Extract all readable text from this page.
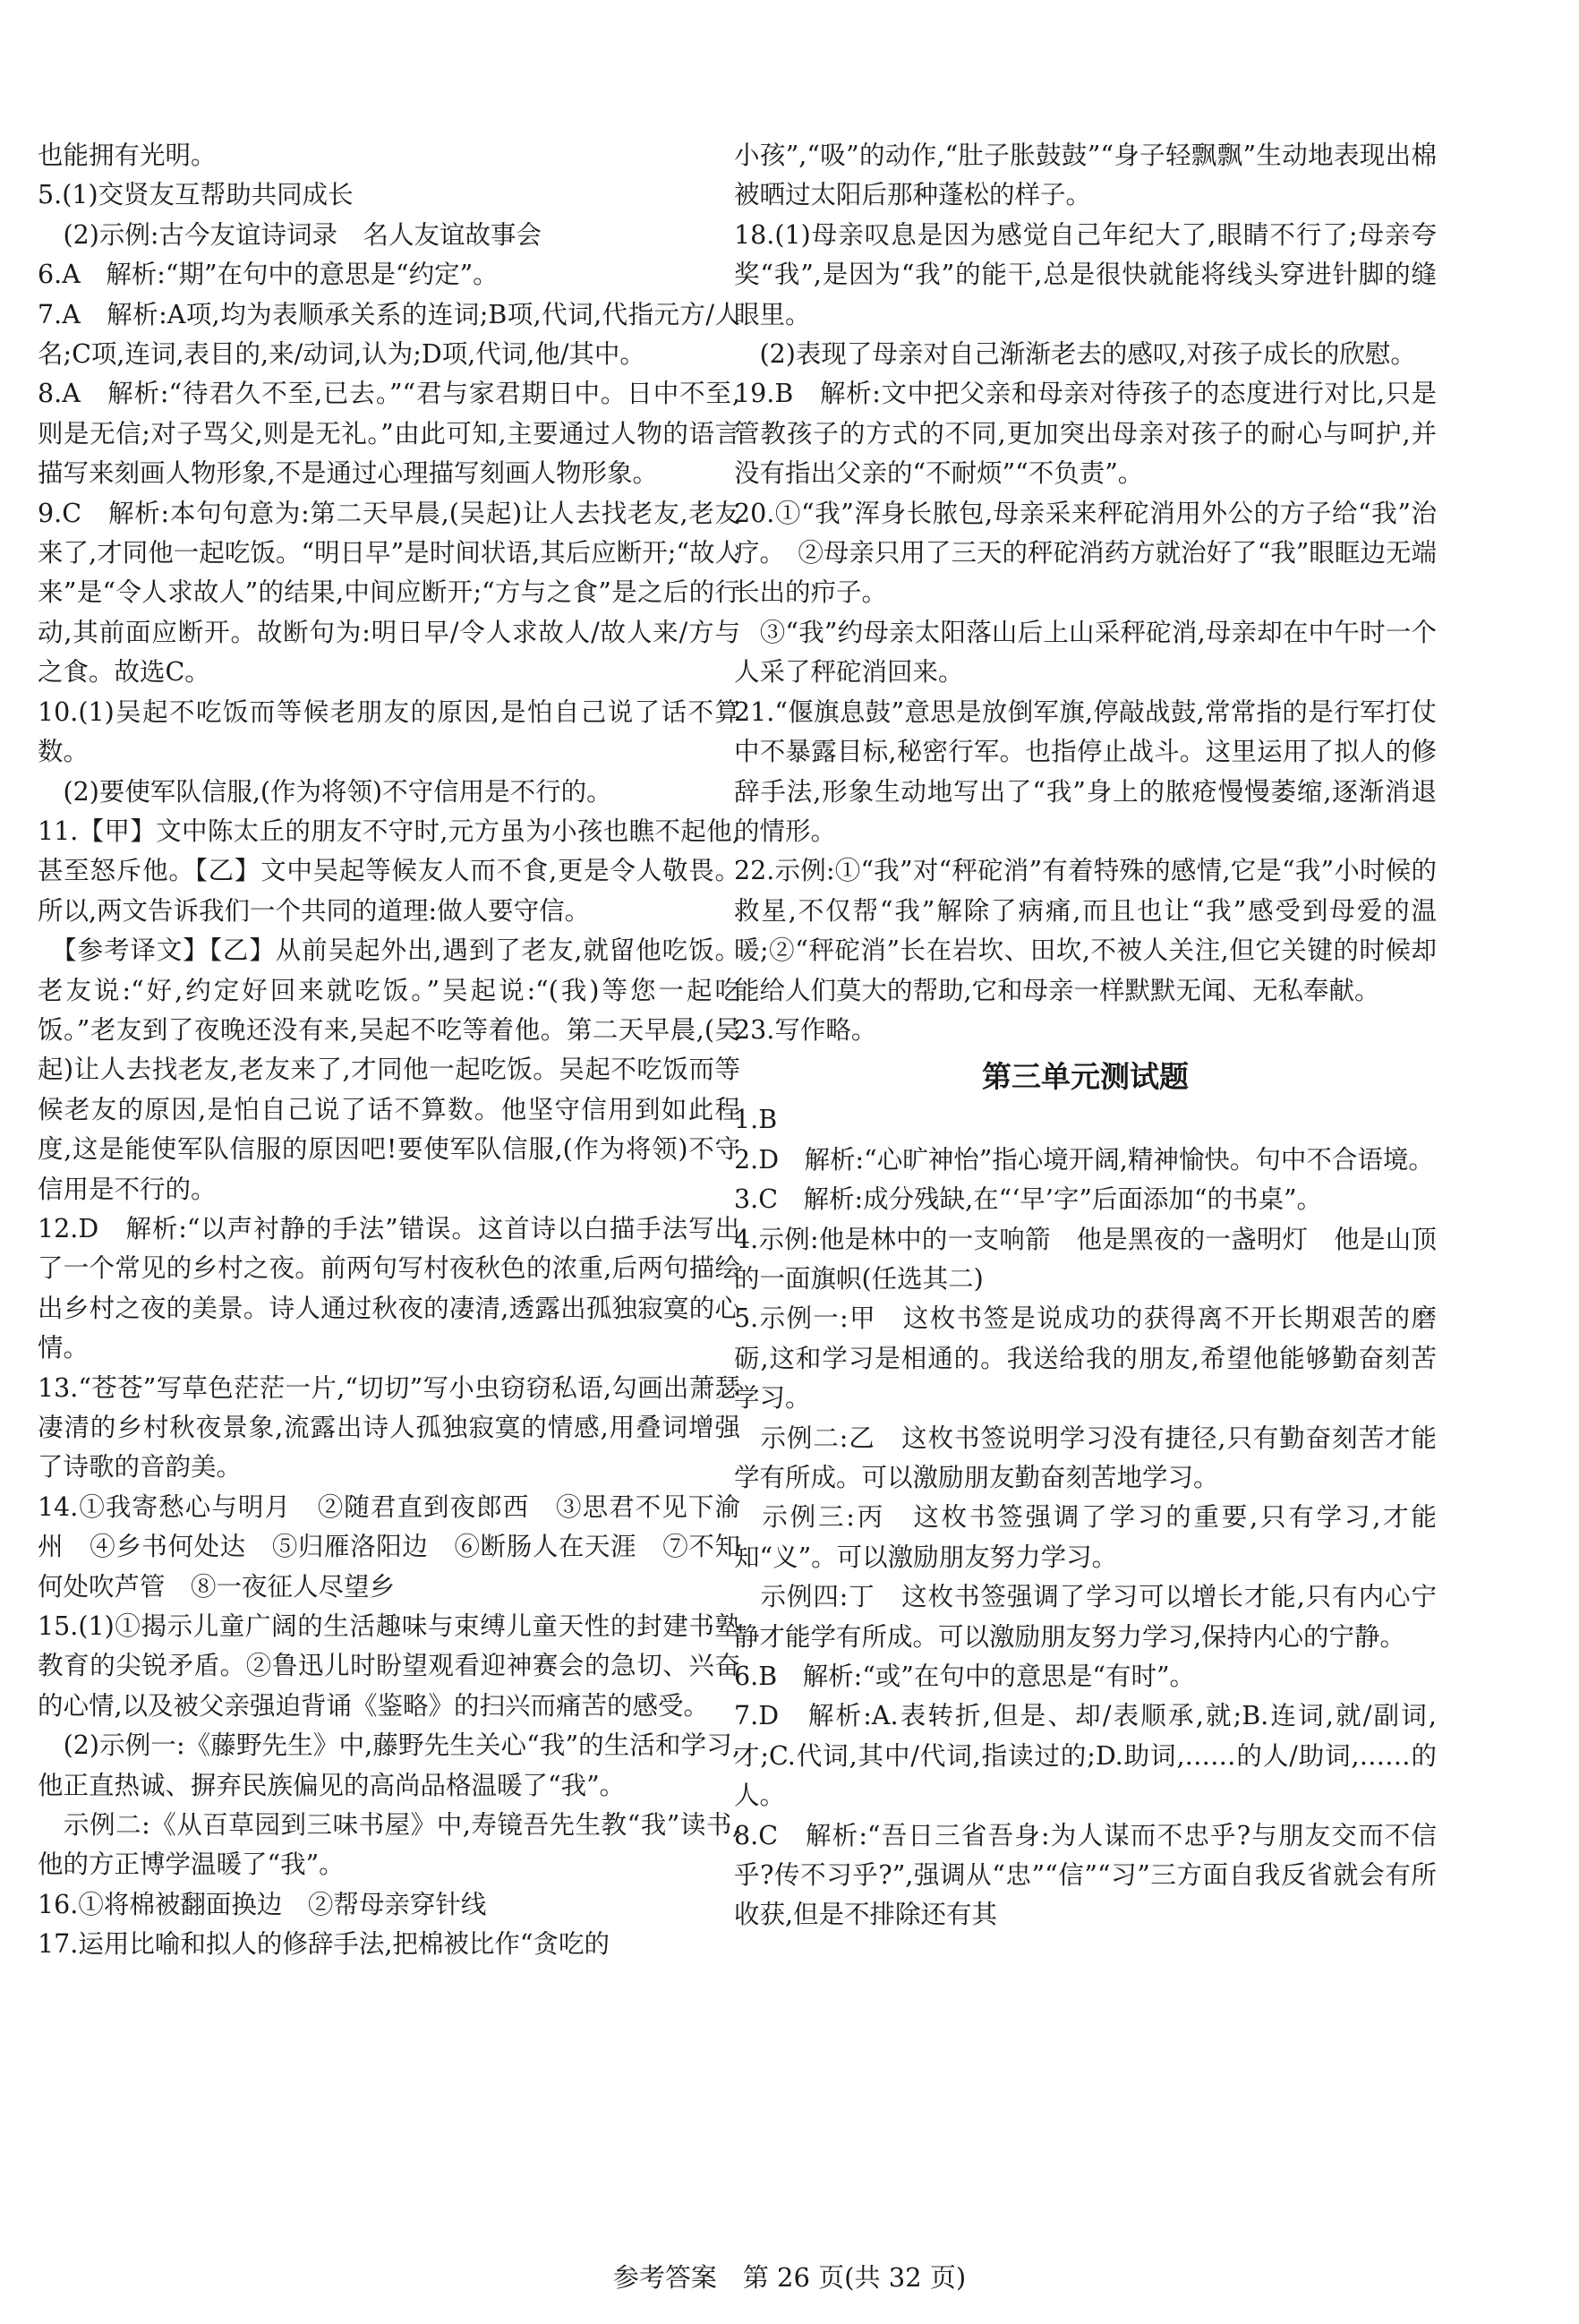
也能拥有光明。

5.(1)交贤友互帮助共同成长

　(2)示例:古今友谊诗词录　名人友谊故事会

6.A　解析:“期”在句中的意思是“约定”。

7.A　解析:A项,均为表顺承关系的连词;B项,代词,代指元方/人名;C项,连词,表目的,来/动词,认为;D项,代词,他/其中。

8.A　解析:“待君久不至,已去。”“君与家君期日中。日中不至,则是无信;对子骂父,则是无礼。”由此可知,主要通过人物的语言描写来刻画人物形象,不是通过心理描写刻画人物形象。

9.C　解析:本句句意为:第二天早晨,(吴起)让人去找老友,老友来了,才同他一起吃饭。“明日早”是时间状语,其后应断开;“故人来”是“令人求故人”的结果,中间应断开;“方与之食”是之后的行动,其前面应断开。故断句为:明日早/令人求故人/故人来/方与之食。故选C。

10.(1)吴起不吃饭而等候老朋友的原因,是怕自己说了话不算数。

　(2)要使军队信服,(作为将领)不守信用是不行的。

11.【甲】文中陈太丘的朋友不守时,元方虽为小孩也瞧不起他,甚至怒斥他。【乙】文中吴起等候友人而不食,更是令人敬畏。所以,两文告诉我们一个共同的道理:做人要守信。

　【参考译文】【乙】从前吴起外出,遇到了老友,就留他吃饭。老友说:“好,约定好回来就吃饭。”吴起说:“(我)等您一起吃饭。”老友到了夜晚还没有来,吴起不吃等着他。第二天早晨,(吴起)让人去找老友,老友来了,才同他一起吃饭。吴起不吃饭而等候老友的原因,是怕自己说了话不算数。他坚守信用到如此程度,这是能使军队信服的原因吧!要使军队信服,(作为将领)不守信用是不行的。

12.D　解析:“以声衬静的手法”错误。这首诗以白描手法写出了一个常见的乡村之夜。前两句写村夜秋色的浓重,后两句描绘出乡村之夜的美景。诗人通过秋夜的凄清,透露出孤独寂寞的心情。

13.“苍苍”写草色茫茫一片,“切切”写小虫窃窃私语,勾画出萧瑟凄清的乡村秋夜景象,流露出诗人孤独寂寞的情感,用叠词增强了诗歌的音韵美。

14.①我寄愁心与明月　②随君直到夜郎西　③思君不见下渝州　④乡书何处达　⑤归雁洛阳边　⑥断肠人在天涯　⑦不知何处吹芦管　⑧一夜征人尽望乡

15.(1)①揭示儿童广阔的生活趣味与束缚儿童天性的封建书塾教育的尖锐矛盾。②鲁迅儿时盼望观看迎神赛会的急切、兴奋的心情,以及被父亲强迫背诵《鉴略》的扫兴而痛苦的感受。

　(2)示例一:《藤野先生》中,藤野先生关心“我”的生活和学习,他正直热诚、摒弃民族偏见的高尚品格温暖了“我”。

　示例二:《从百草园到三味书屋》中,寿镜吾先生教“我”读书,他的方正博学温暖了“我”。

16.①将棉被翻面换边　②帮母亲穿针线

17.运用比喻和拟人的修辞手法,把棉被比作“贪吃的

小孩”,“吸”的动作,“肚子胀鼓鼓”“身子轻飘飘”生动地表现出棉被晒过太阳后那种蓬松的样子。

18.(1)母亲叹息是因为感觉自己年纪大了,眼睛不行了;母亲夸奖“我”,是因为“我”的能干,总是很快就能将线头穿进针脚的缝眼里。

　(2)表现了母亲对自己渐渐老去的感叹,对孩子成长的欣慰。

19.B　解析:文中把父亲和母亲对待孩子的态度进行对比,只是管教孩子的方式的不同,更加突出母亲对孩子的耐心与呵护,并没有指出父亲的“不耐烦”“不负责”。

20.①“我”浑身长脓包,母亲采来秤砣消用外公的方子给“我”治疗。　②母亲只用了三天的秤砣消药方就治好了“我”眼眶边无端长出的疖子。

　③“我”约母亲太阳落山后上山采秤砣消,母亲却在中午时一个人采了秤砣消回来。

21.“偃旗息鼓”意思是放倒军旗,停敲战鼓,常常指的是行军打仗中不暴露目标,秘密行军。也指停止战斗。这里运用了拟人的修辞手法,形象生动地写出了“我”身上的脓疮慢慢萎缩,逐渐消退的情形。

22.示例:①“我”对“秤砣消”有着特殊的感情,它是“我”小时候的救星,不仅帮“我”解除了病痛,而且也让“我”感受到母爱的温暖;②“秤砣消”长在岩坎、田坎,不被人关注,但它关键的时候却能给人们莫大的帮助,它和母亲一样默默无闻、无私奉献。

23.写作略。

第三单元测试题

1.B

2.D　解析:“心旷神怡”指心境开阔,精神愉快。句中不合语境。

3.C　解析:成分残缺,在“‘早’字”后面添加“的书桌”。

4.示例:他是林中的一支响箭　他是黑夜的一盏明灯　他是山顶的一面旗帜(任选其二)

5.示例一:甲　这枚书签是说成功的获得离不开长期艰苦的磨砺,这和学习是相通的。我送给我的朋友,希望他能够勤奋刻苦学习。

　示例二:乙　这枚书签说明学习没有捷径,只有勤奋刻苦才能学有所成。可以激励朋友勤奋刻苦地学习。

　示例三:丙　这枚书签强调了学习的重要,只有学习,才能知“义”。可以激励朋友努力学习。

　示例四:丁　这枚书签强调了学习可以增长才能,只有内心宁静才能学有所成。可以激励朋友努力学习,保持内心的宁静。

6.B　解析:“或”在句中的意思是“有时”。

7.D　解析:A.表转折,但是、却/表顺承,就;B.连词,就/副词,才;C.代词,其中/代词,指读过的;D.助词,……的人/助词,……的人。

8.C　解析:“吾日三省吾身:为人谋而不忠乎?与朋友交而不信乎?传不习乎?”,强调从“忠”“信”“习”三方面自我反省就会有所收获,但是不排除还有其

参考答案　第 26 页(共 32 页)
